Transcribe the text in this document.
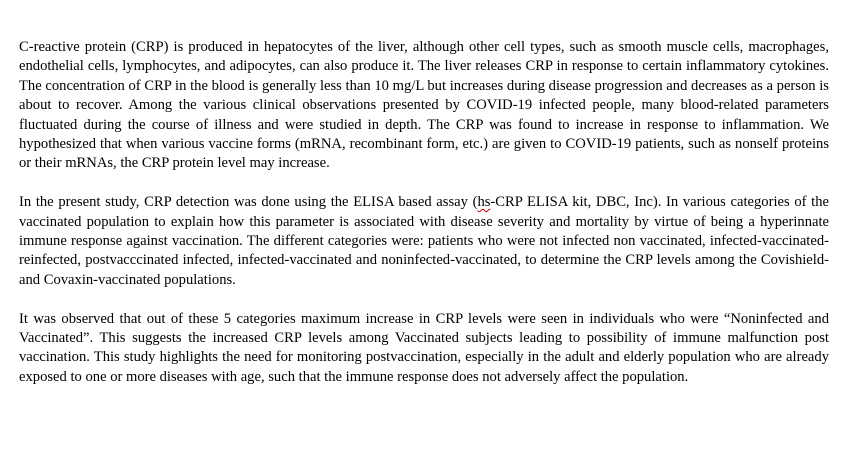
C-reactive protein (CRP) is produced in hepatocytes of the liver, although other cell types, such as smooth muscle cells, macrophages, endothelial cells, lymphocytes, and adipocytes, can also produce it. The liver releases CRP in response to certain inflammatory cytokines. The concentration of CRP in the blood is generally less than 10 mg/L but increases during disease progression and decreases as a person is about to recover. Among the various clinical observations presented by COVID-19 infected people, many blood-related parameters fluctuated during the course of illness and were studied in depth. The CRP was found to increase in response to inflammation. We hypothesized that when various vaccine forms (mRNA, recombinant form, etc.) are given to COVID-19 patients, such as nonself proteins or their mRNAs, the CRP protein level may increase.

In the present study, CRP detection was done using the ELISA based assay (hs-CRP ELISA kit, DBC, Inc). In various categories of the vaccinated population to explain how this parameter is associated with disease severity and mortality by virtue of being a hyperinnate immune response against vaccination. The different categories were: patients who were not infected non vaccinated, infected-vaccinated-reinfected, postvacccinated infected, infected-vaccinated and noninfected-vaccinated, to determine the CRP levels among the Covishield- and Covaxin-vaccinated populations.

It was observed that out of these 5 categories maximum increase in CRP levels were seen in individuals who were “Noninfected and Vaccinated”. This suggests the increased CRP levels among Vaccinated subjects leading to possibility of immune malfunction post vaccination. This study highlights the need for monitoring postvaccination, especially in the adult and elderly population who are already exposed to one or more diseases with age, such that the immune response does not adversely affect the population.
